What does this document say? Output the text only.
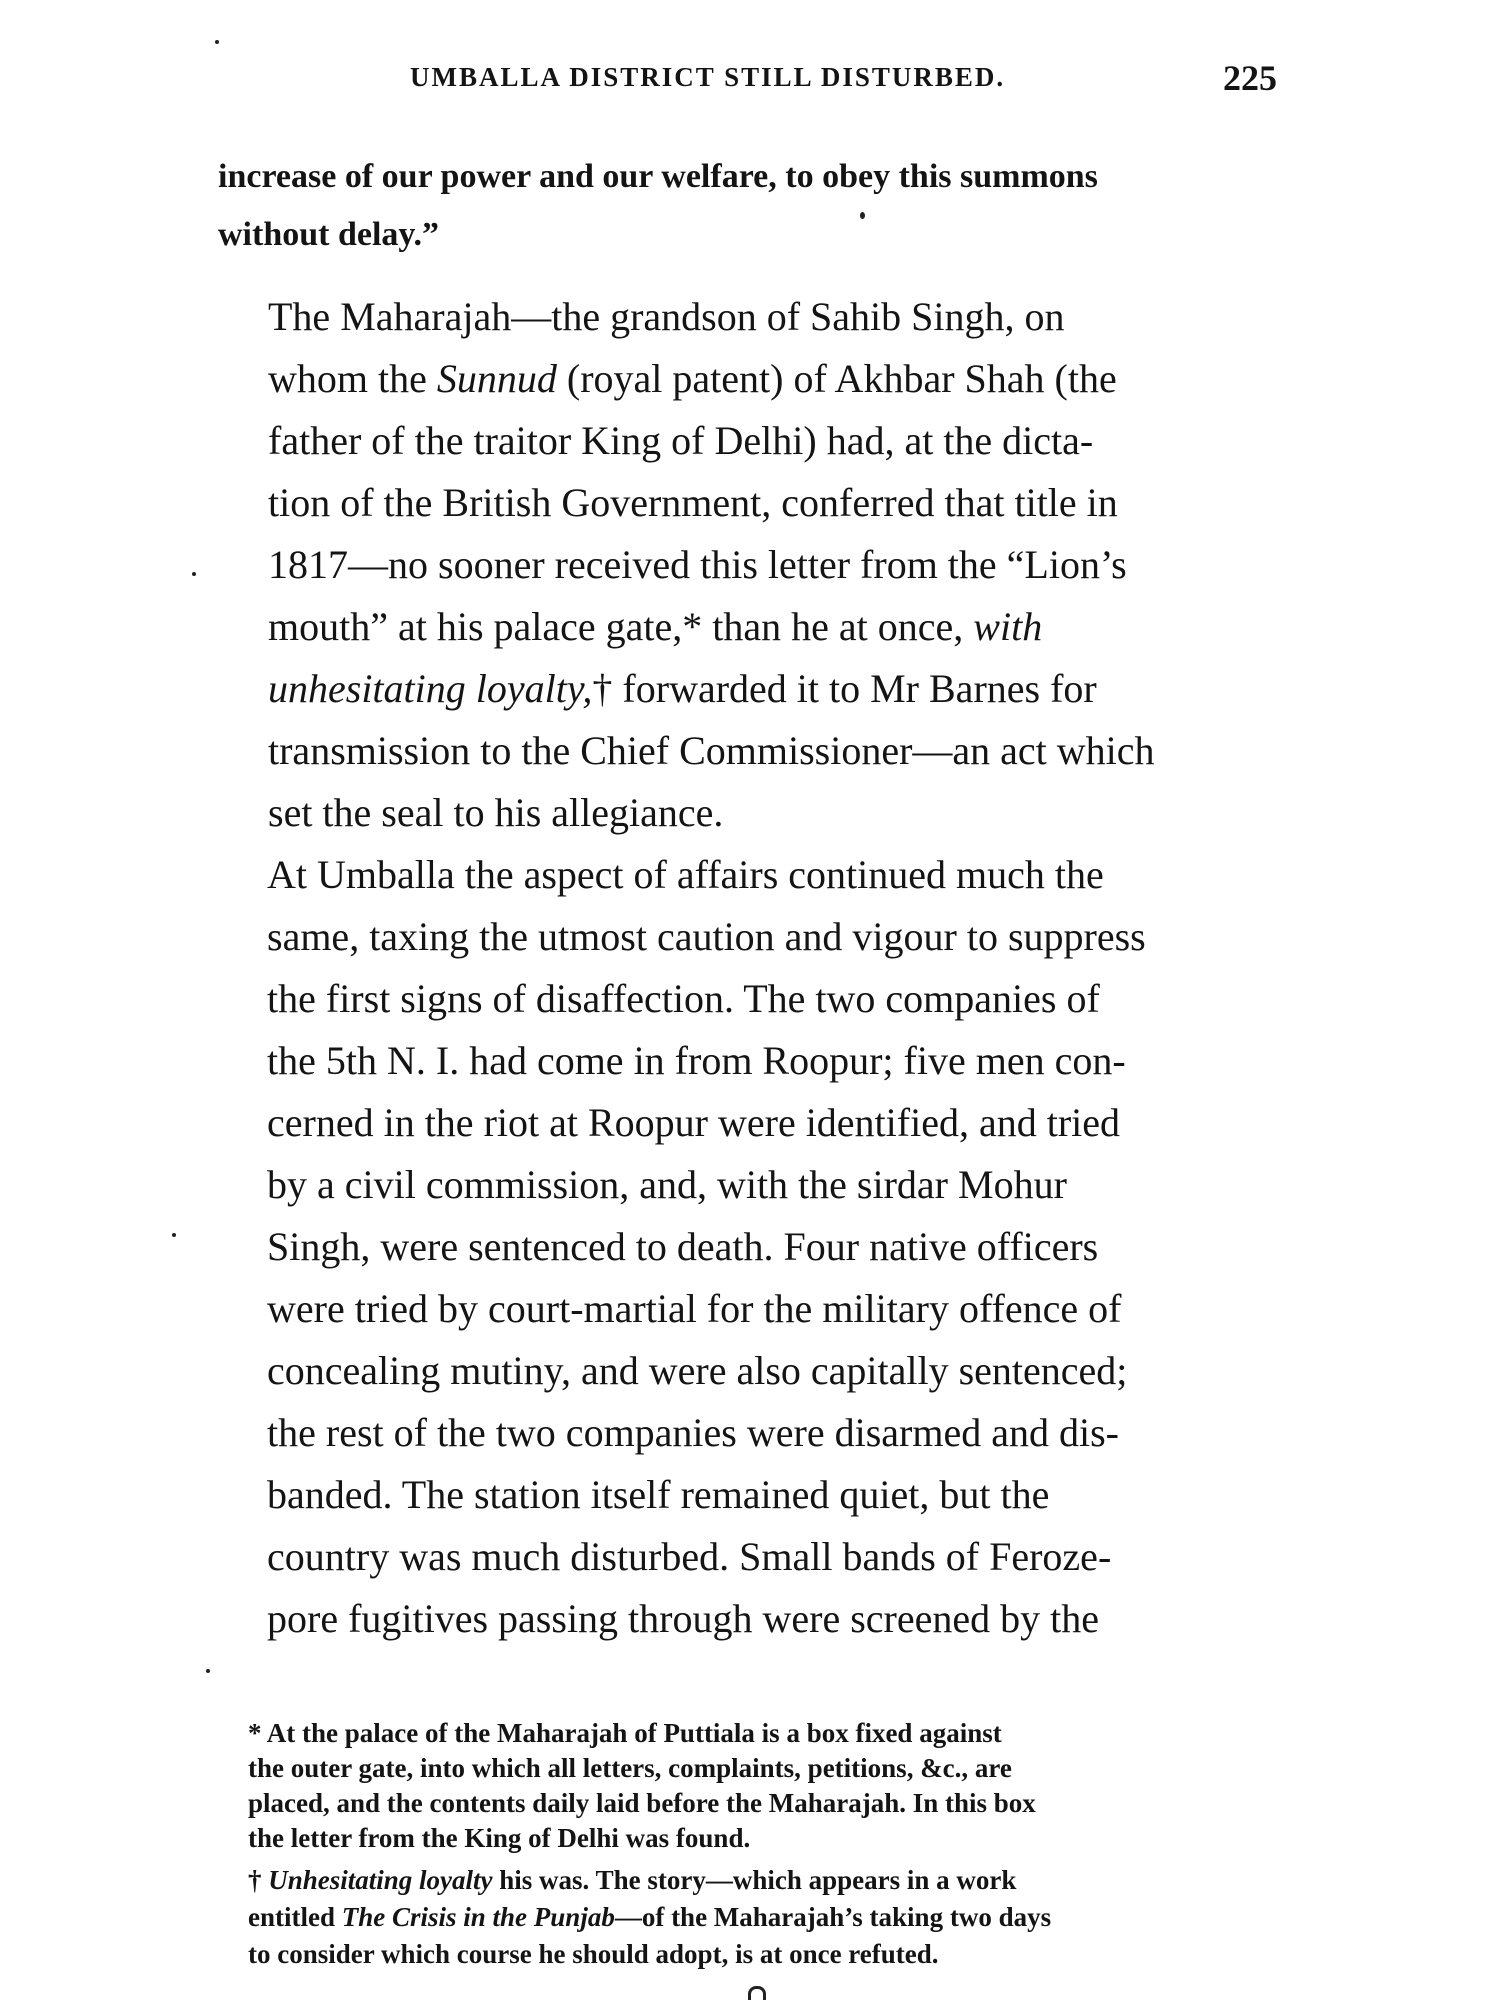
UMBALLA DISTRICT STILL DISTURBED.	225

increase of our power and our welfare, to obey this summons
without delay.”

The Maharajah—the grandson of Sahib Singh, on
whom the Sunnud (royal patent) of Akhbar Shah (the
father of the traitor King of Delhi) had, at the dicta-
tion of the British Government, conferred that title in
1817—no sooner received this letter from the “Lion’s
mouth” at his palace gate,* than he at once, with
unhesitating loyalty,† forwarded it to Mr Barnes for
transmission to the Chief Commissioner—an act which
set the seal to his allegiance.

At Umballa the aspect of affairs continued much the
same, taxing the utmost caution and vigour to suppress
the first signs of disaffection. The two companies of
the 5th N. I. had come in from Roopur; five men con-
cerned in the riot at Roopur were identified, and tried
by a civil commission, and, with the sirdar Mohur
Singh, were sentenced to death. Four native officers
were tried by court-martial for the military offence of
concealing mutiny, and were also capitally sentenced;
the rest of the two companies were disarmed and dis-
banded. The station itself remained quiet, but the
country was much disturbed. Small bands of Feroze-
pore fugitives passing through were screened by the

* At the palace of the Maharajah of Puttiala is a box fixed against
the outer gate, into which all letters, complaints, petitions, &c., are
placed, and the contents daily laid before the Maharajah. In this box
the letter from the King of Delhi was found.

† Unhesitating loyalty his was. The story—which appears in a work
entitled The Crisis in the Punjab—of the Maharajah’s taking two days
to consider which course he should adopt, is at once refuted.
